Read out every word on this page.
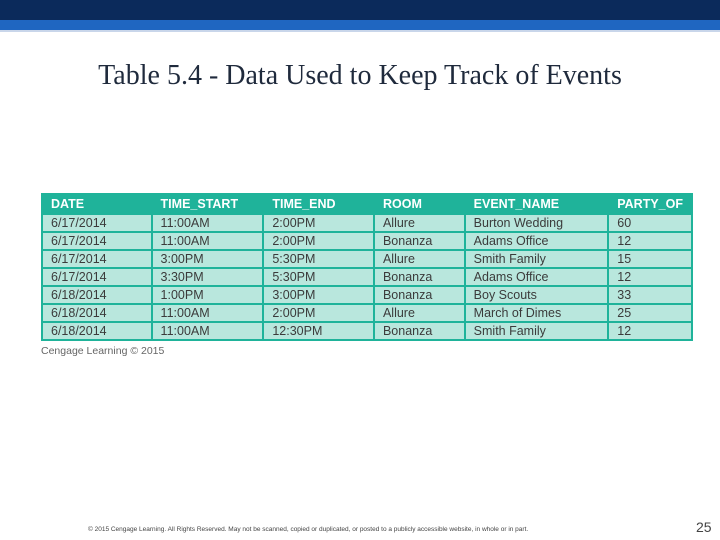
Table 5.4 - Data Used to Keep Track of Events
DATE	TIME_START	TIME_END	ROOM	EVENT_NAME	PARTY_OF
6/17/2014	11:00AM	2:00PM	Allure	Burton Wedding	60
6/17/2014	11:00AM	2:00PM	Bonanza	Adams Office	12
6/17/2014	3:00PM	5:30PM	Allure	Smith Family	15
6/17/2014	3:30PM	5:30PM	Bonanza	Adams Office	12
6/18/2014	1:00PM	3:00PM	Bonanza	Boy Scouts	33
6/18/2014	11:00AM	2:00PM	Allure	March of Dimes	25
6/18/2014	11:00AM	12:30PM	Bonanza	Smith Family	12
Cengage Learning © 2015
© 2015 Cengage Learning. All Rights Reserved. May not be scanned, copied or duplicated, or posted to a publicly accessible website, in whole or in part.	25
